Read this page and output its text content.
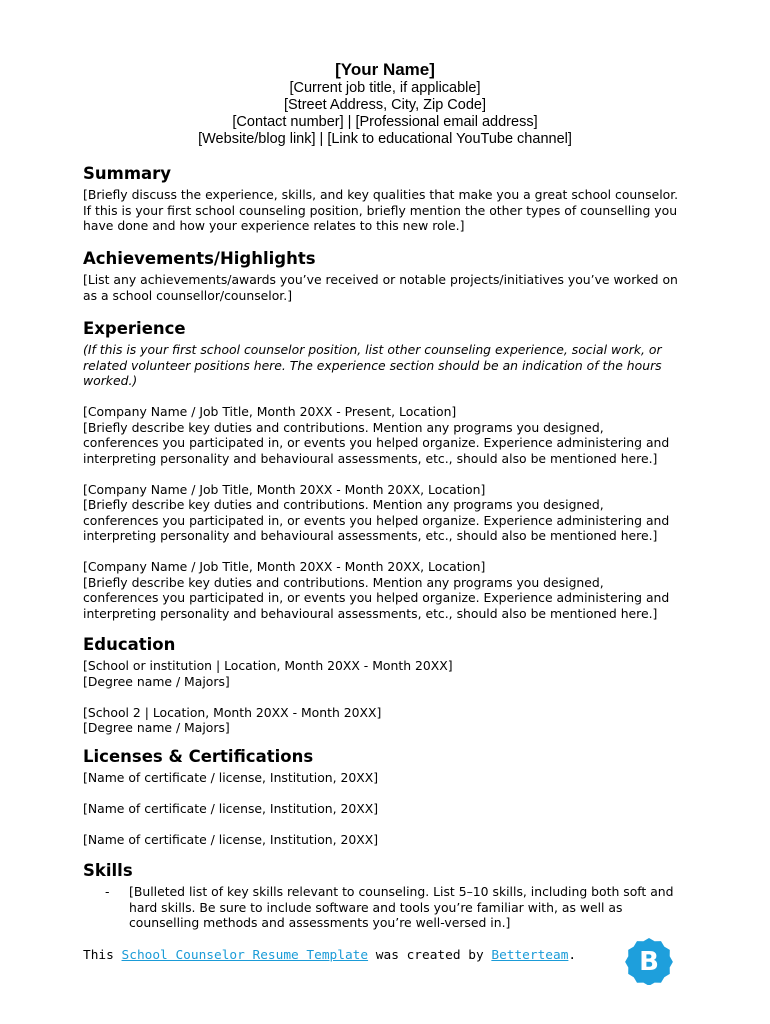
[Your Name]
[Current job title, if applicable]
[Street Address, City, Zip Code]
[Contact number] | [Professional email address]
[Website/blog link] | [Link to educational YouTube channel]
Summary
[Briefly discuss the experience, skills, and key qualities that make you a great school counselor.
If this is your first school counseling position, briefly mention the other types of counselling you
have done and how your experience relates to this new role.]
Achievements/Highlights
[List any achievements/awards you’ve received or notable projects/initiatives you’ve worked on
as a school counsellor/counselor.]
Experience
(If this is your first school counselor position, list other counseling experience, social work, or
related volunteer positions here. The experience section should be an indication of the hours
worked.)
[Company Name / Job Title, Month 20XX - Present, Location]
[Briefly describe key duties and contributions. Mention any programs you designed,
conferences you participated in, or events you helped organize. Experience administering and
interpreting personality and behavioural assessments, etc., should also be mentioned here.]
[Company Name / Job Title, Month 20XX - Month 20XX, Location]
[Briefly describe key duties and contributions. Mention any programs you designed,
conferences you participated in, or events you helped organize. Experience administering and
interpreting personality and behavioural assessments, etc., should also be mentioned here.]
[Company Name / Job Title, Month 20XX - Month 20XX, Location]
[Briefly describe key duties and contributions. Mention any programs you designed,
conferences you participated in, or events you helped organize. Experience administering and
interpreting personality and behavioural assessments, etc., should also be mentioned here.]
Education
[School or institution | Location, Month 20XX - Month 20XX]
[Degree name / Majors]
[School 2 | Location, Month 20XX - Month 20XX]
[Degree name / Majors]
Licenses & Certifications
[Name of certificate / license, Institution, 20XX]
[Name of certificate / license, Institution, 20XX]
[Name of certificate / license, Institution, 20XX]
Skills
-	[Bulleted list of key skills relevant to counseling. List 5–10 skills, including both soft and
hard skills. Be sure to include software and tools you’re familiar with, as well as
counselling methods and assessments you’re well-versed in.]
This School Counselor Resume Template was created by Betterteam. B
